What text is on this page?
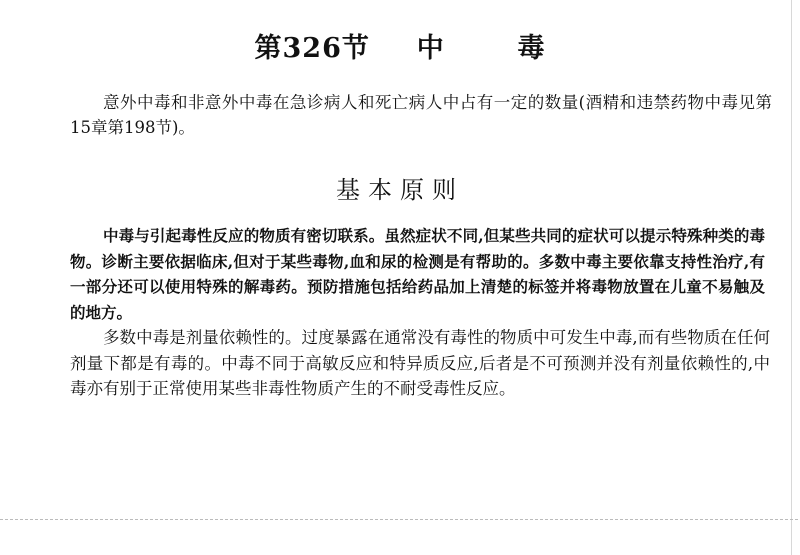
第326节 中	毒

意外中毒和非意外中毒在急诊病人和死亡病人中占有一定的数量(酒精和违禁药物中毒见第15章第198节)。

基本原则

中毒与引起毒性反应的物质有密切联系。虽然症状不同,但某些共同的症状可以提示特殊种类的毒物。诊断主要依据临床,但对于某些毒物,血和尿的检测是有帮助的。多数中毒主要依靠支持性治疗,有一部分还可以使用特殊的解毒药。预防措施包括给药品加上清楚的标签并将毒物放置在儿童不易触及的地方。

多数中毒是剂量依赖性的。过度暴露在通常没有毒性的物质中可发生中毒,而有些物质在任何剂量下都是有毒的。中毒不同于高敏反应和特异质反应,后者是不可预测并没有剂量依赖性的,中毒亦有别于正常使用某些非毒性物质产生的不耐受毒性反应。
